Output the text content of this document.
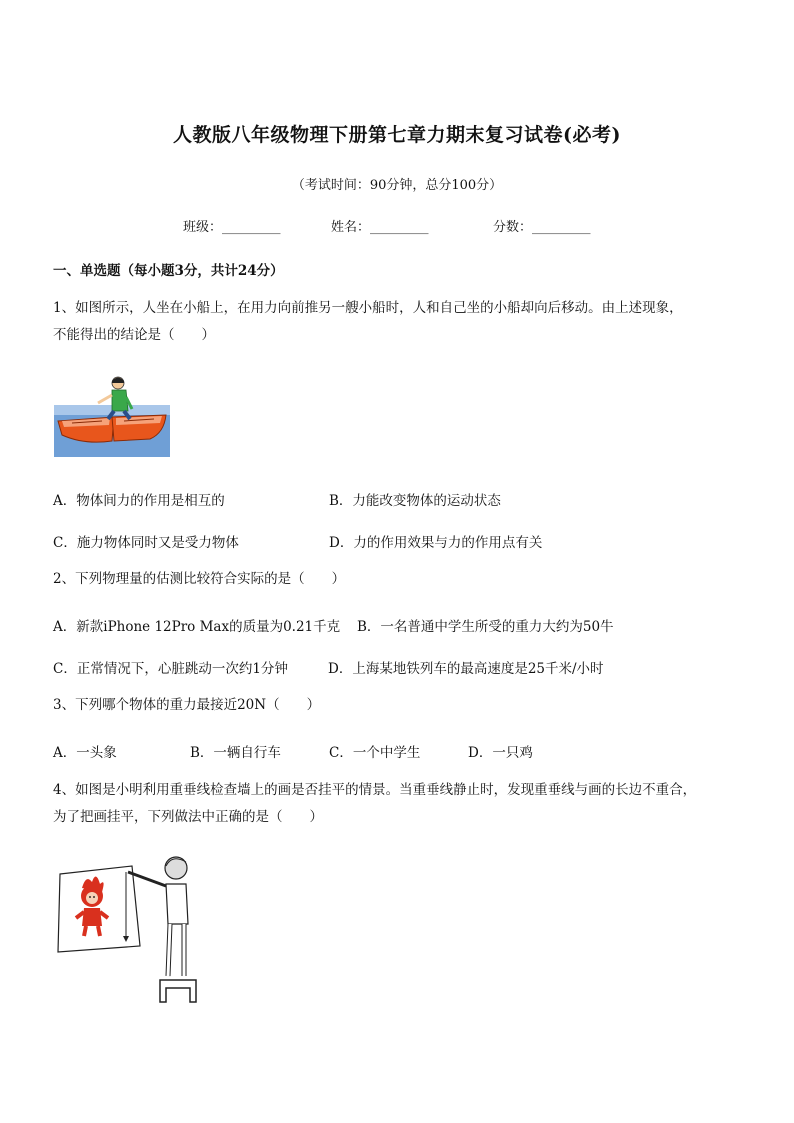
人教版八年级物理下册第七章力期末复习试卷(必考)
（考试时间：90分钟，总分100分）
班级：_________	姓名：_________	分数：_________
一、单选题（每小题3分，共计24分）
1、如图所示，人坐在小船上，在用力向前推另一艘小船时，人和自己坐的小船却向后移动。由上述现象，
不能得出的结论是（　　）
A．物体间力的作用是相互的	B．力能改变物体的运动状态
C．施力物体同时又是受力物体	D．力的作用效果与力的作用点有关
2、下列物理量的估测比较符合实际的是（　　）
A．新款iPhone 12Pro Max的质量为0.21千克 B．一名普通中学生所受的重力大约为50牛
C．正常情况下，心脏跳动一次约1分钟	D．上海某地铁列车的最高速度是25千米/小时
3、下列哪个物体的重力最接近20N（　　）
A．一头象	B．一辆自行车	C．一个中学生	D．一只鸡
4、如图是小明利用重垂线检查墙上的画是否挂平的情景。当重垂线静止时，发现重垂线与画的长边不重合，
为了把画挂平，下列做法中正确的是（　　）
